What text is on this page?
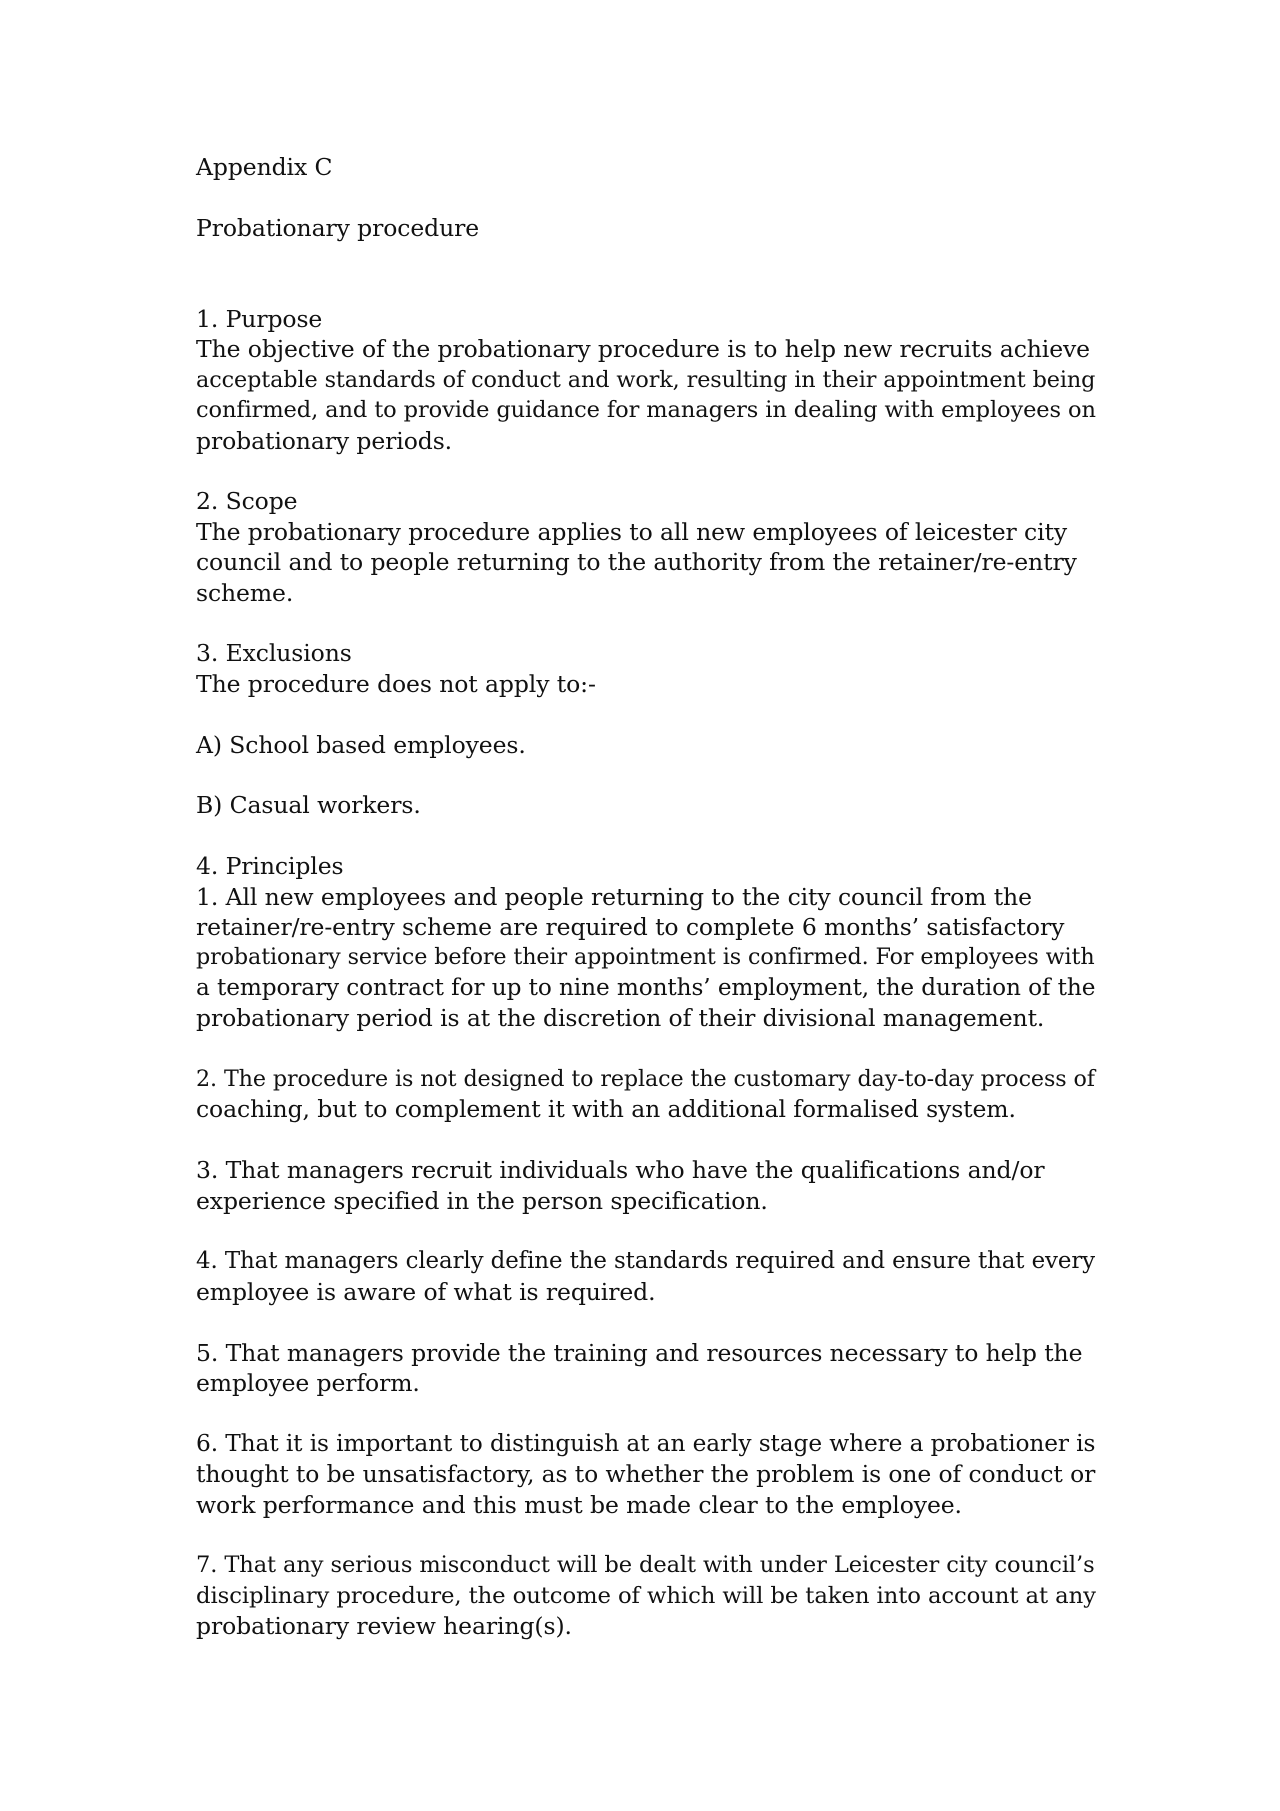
Appendix C

Probationary procedure

1. Purpose

The objective of the probationary procedure is to help new recruits achieve

acceptable standards of conduct and work, resulting in their appointment being

confirmed, and to provide guidance for managers in dealing with employees on

probationary periods.

2. Scope

The probationary procedure applies to all new employees of leicester city

council and to people returning to the authority from the retainer/re-entry

scheme.

3. Exclusions

The procedure does not apply to:-

A) School based employees.

B) Casual workers.

4. Principles

1. All new employees and people returning to the city council from the

retainer/re-entry scheme are required to complete 6 months’ satisfactory

probationary service before their appointment is confirmed. For employees with

a temporary contract for up to nine months’ employment, the duration of the

probationary period is at the discretion of their divisional management.

2. The procedure is not designed to replace the customary day-to-day process of

coaching, but to complement it with an additional formalised system.

3. That managers recruit individuals who have the qualifications and/or

experience specified in the person specification.

4. That managers clearly define the standards required and ensure that every

employee is aware of what is required.

5. That managers provide the training and resources necessary to help the

employee perform.

6. That it is important to distinguish at an early stage where a probationer is

thought to be unsatisfactory, as to whether the problem is one of conduct or

work performance and this must be made clear to the employee.

7. That any serious misconduct will be dealt with under Leicester city council’s

disciplinary procedure, the outcome of which will be taken into account at any

probationary review hearing(s).
